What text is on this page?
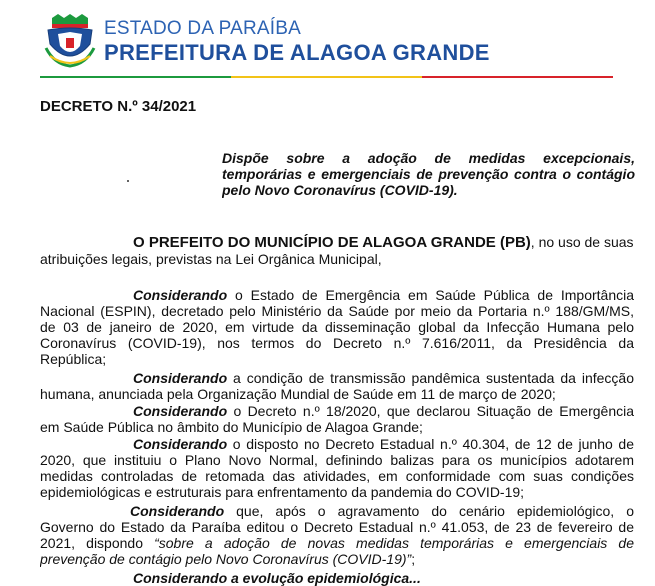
ESTADO DA PARAÍBA
PREFEITURA DE ALAGOA GRANDE
DECRETO N.º 34/2021
Dispõe sobre a adoção de medidas excepcionais,
temporárias e emergenciais de prevenção contra o contágio
pelo Novo Coronavírus (COVID-19).
O PREFEITO DO MUNICÍPIO DE ALAGOA GRANDE (PB), no uso de suas
atribuições legais, previstas na Lei Orgânica Municipal,
Considerando o Estado de Emergência em Saúde Pública de Importância
Nacional (ESPIN), decretado pelo Ministério da Saúde por meio da Portaria n.º 188/GM/MS,
de 03 de janeiro de 2020, em virtude da disseminação global da Infecção Humana pelo
Coronavírus (COVID-19), nos termos do Decreto n.º 7.616/2011, da Presidência da
República;
Considerando a condição de transmissão pandêmica sustentada da infecção
humana, anunciada pela Organização Mundial de Saúde em 11 de março de 2020;
Considerando o Decreto n.º 18/2020, que declarou Situação de Emergência
em Saúde Pública no âmbito do Município de Alagoa Grande;
Considerando o disposto no Decreto Estadual n.º 40.304, de 12 de junho de
2020, que instituiu o Plano Novo Normal, definindo balizas para os municípios adotarem
medidas controladas de retomada das atividades, em conformidade com suas condições
epidemiológicas e estruturais para enfrentamento da pandemia do COVID-19;
Considerando que, após o agravamento do cenário epidemiológico, o
Governo do Estado da Paraíba editou o Decreto Estadual n.º 41.053, de 23 de fevereiro de
2021, dispondo “sobre a adoção de novas medidas temporárias e emergenciais de
prevenção de contágio pelo Novo Coronavírus (COVID-19)”;
Considerando a evolução epidemiológica...
